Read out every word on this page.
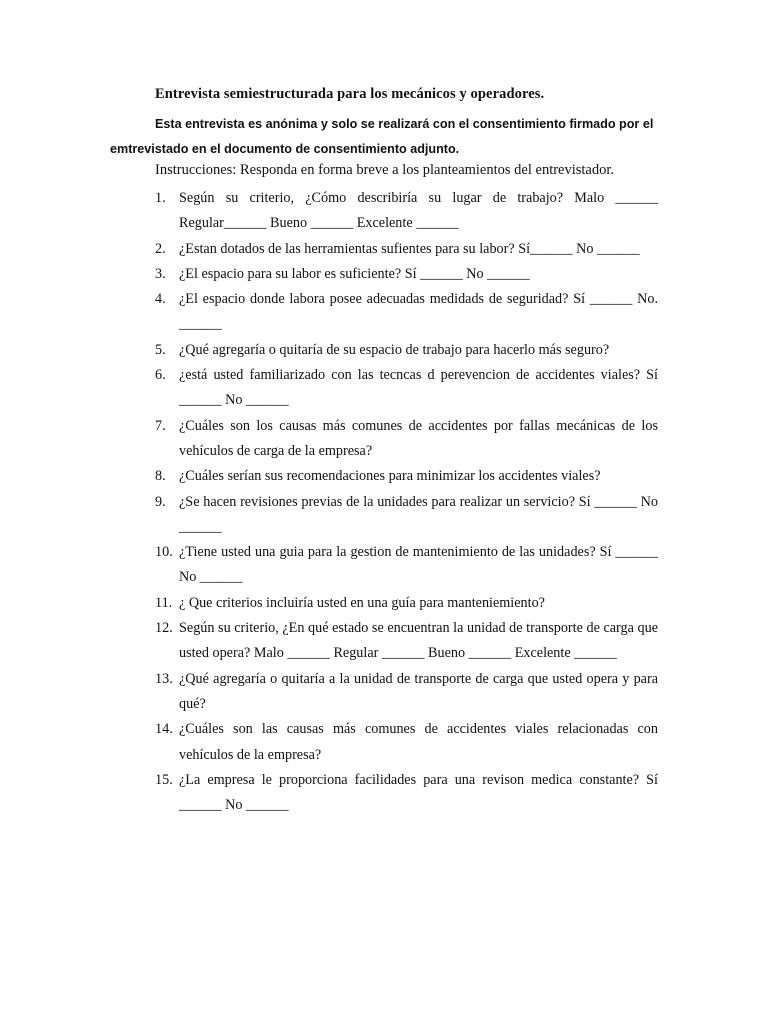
Entrevista semiestructurada para los mecánicos y operadores.
Esta entrevista es anónima y solo se realizará con el consentimiento firmado por el emtrevistado en el documento de consentimiento adjunto.
Instrucciones: Responda en forma breve a los planteamientos del entrevistador.
1. Según su criterio, ¿Cómo describiría su lugar de trabajo? Malo ______ Regular______ Bueno ______ Excelente ______
2. ¿Estan dotados de las herramientas sufientes para su labor? Sí______ No ______
3. ¿El espacio para su labor es suficiente? Sí ______ No ______
4. ¿El espacio donde labora posee adecuadas medidads de seguridad? Sí ______ No. ______
5. ¿Qué agregaría o quitaría de su espacio de trabajo para hacerlo más seguro?
6. ¿está usted familiarizado con las tecncas d perevencion de accidentes viales? Sí ______ No ______
7. ¿Cuáles son los causas más comunes de accidentes por fallas mecánicas de los vehículos de carga de la empresa?
8. ¿Cuáles serían sus recomendaciones para minimizar los accidentes viales?
9. ¿Se hacen revisiones previas de la unidades para realizar un servicio? Sí ______ No ______
10. ¿Tiene usted una guia para la gestion de mantenimiento de las unidades? Sí ______ No ______
11. ¿ Que criterios incluiría usted en una guía para manteniemiento?
12. Según su criterio, ¿En qué estado se encuentran la unidad de transporte de carga que usted opera? Malo ______ Regular ______ Bueno ______ Excelente ______
13. ¿Qué agregaría o quitaría a la unidad de transporte de carga que usted opera y para qué?
14. ¿Cuáles son las causas más comunes de accidentes viales relacionadas con vehículos de la empresa?
15. ¿La empresa le proporciona facilidades para una revison medica constante? Sí ______ No ______
